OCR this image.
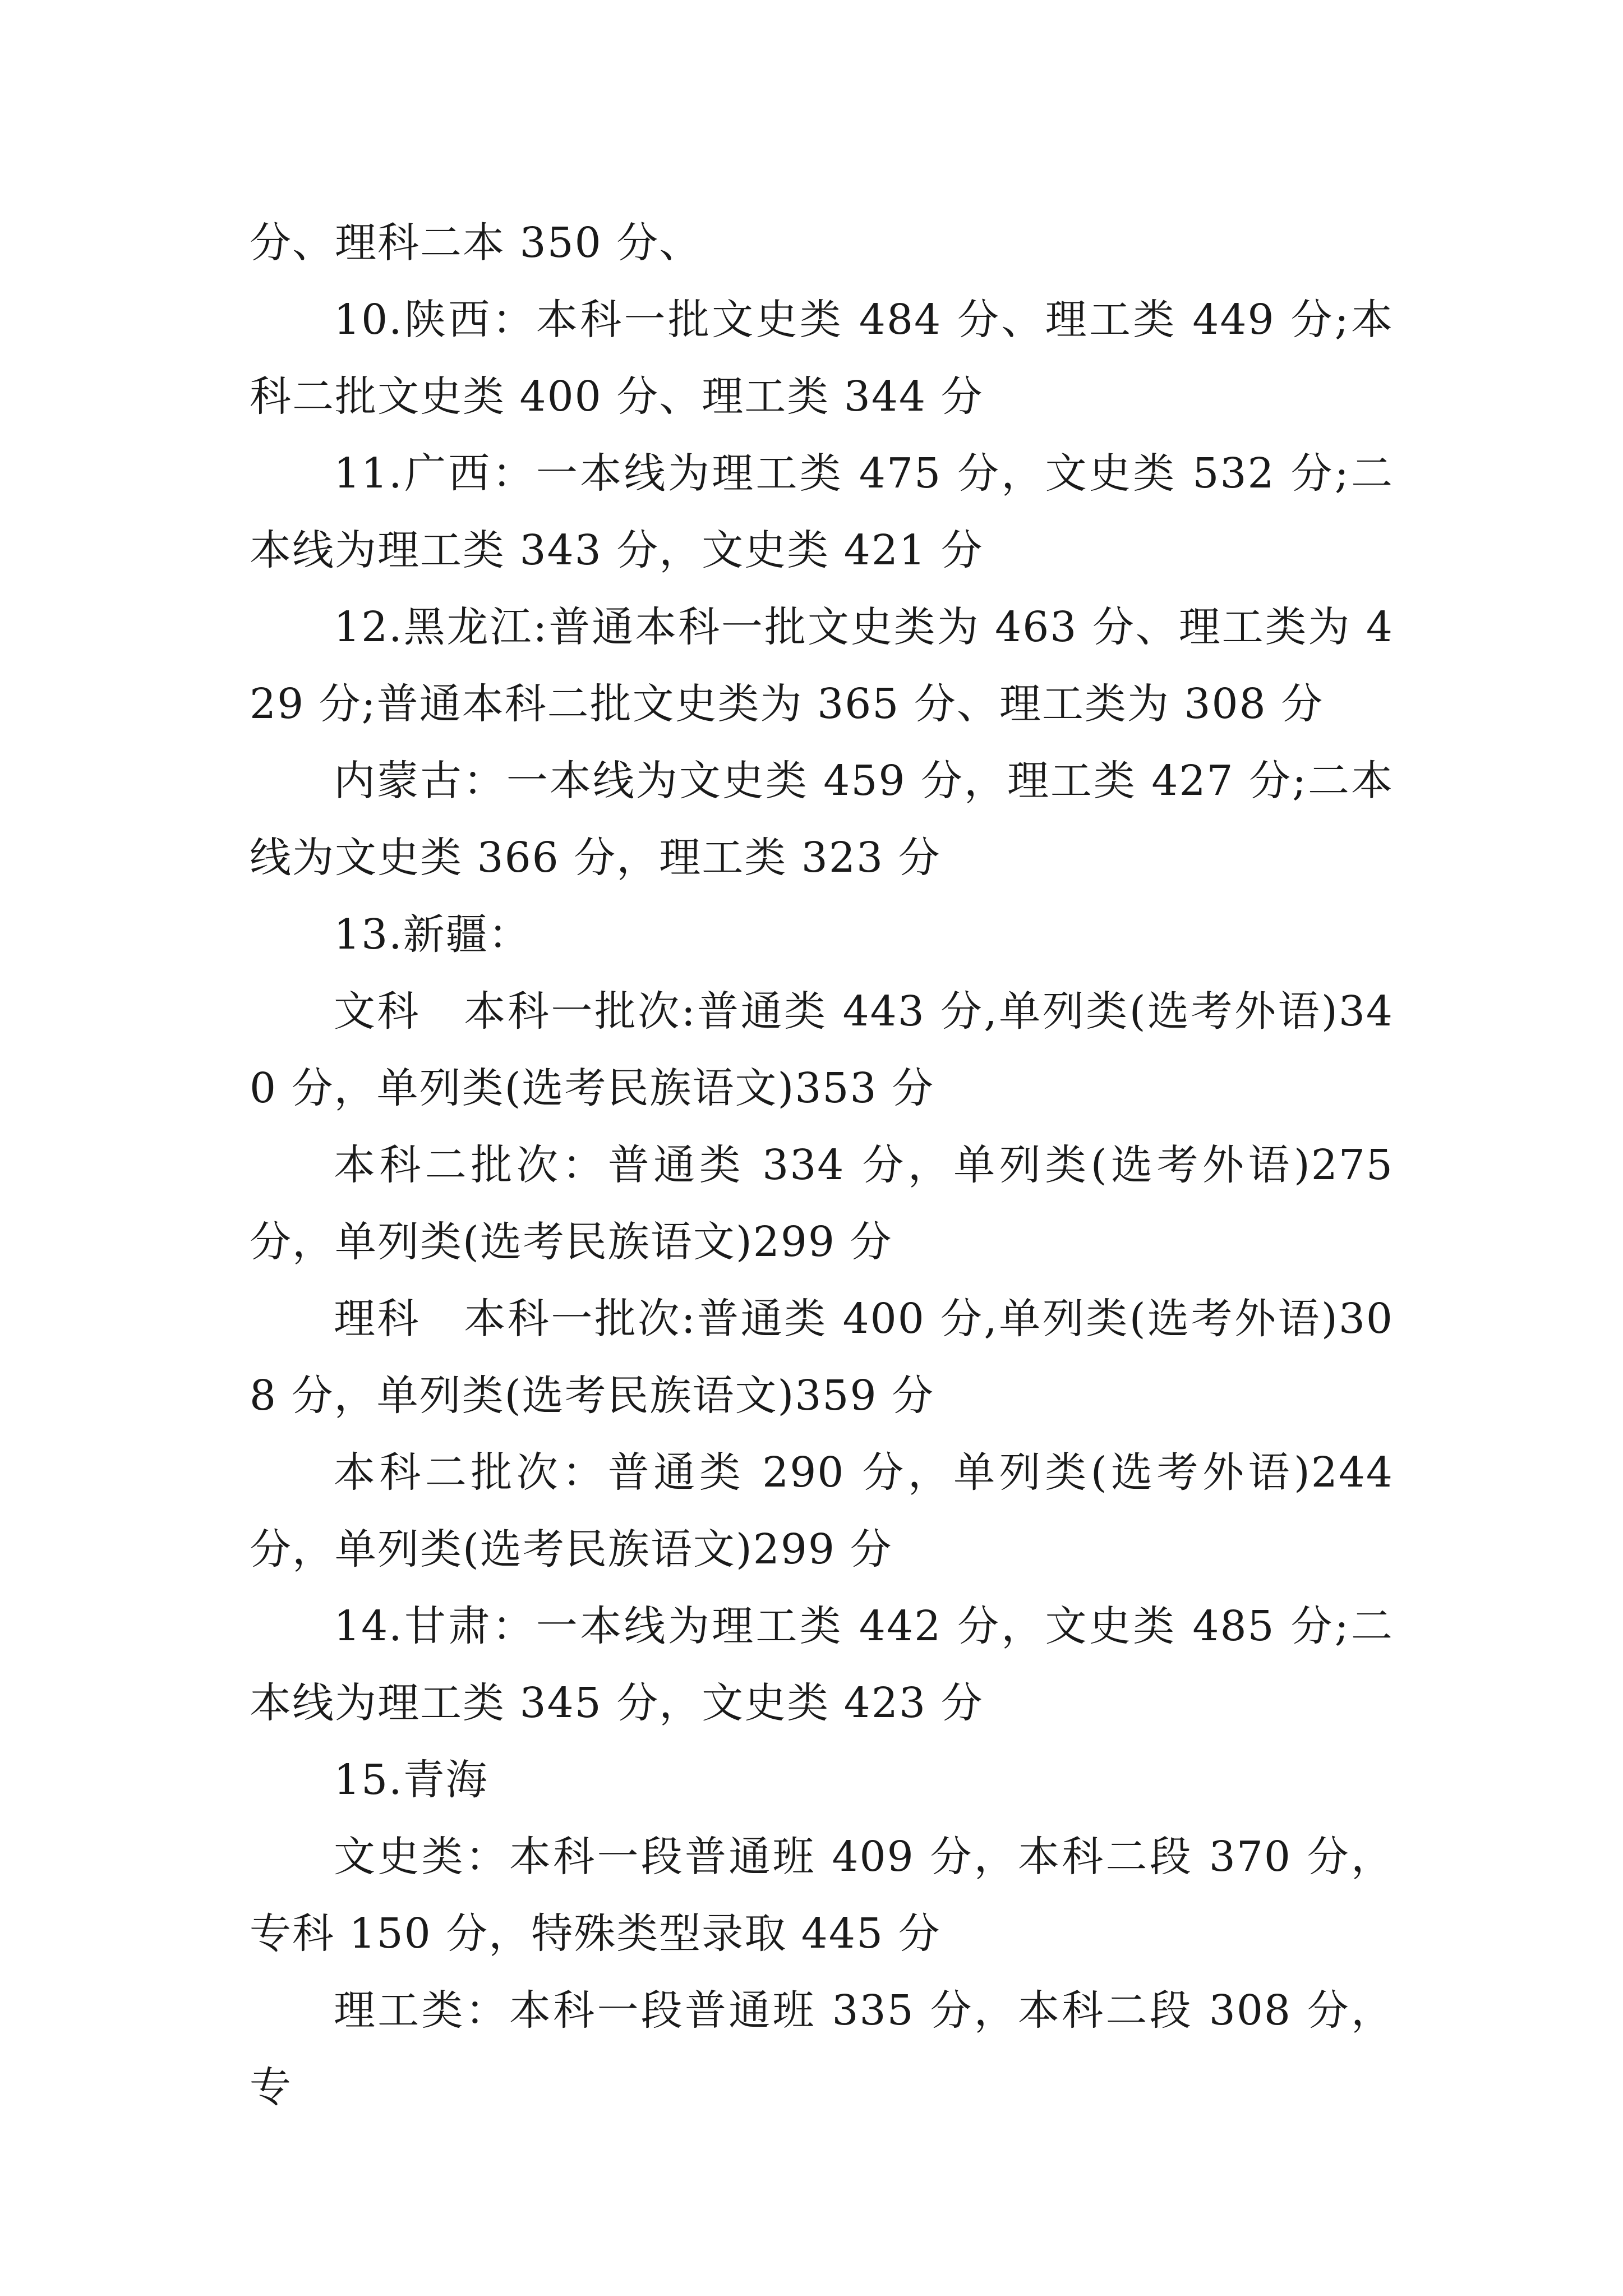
分、理科二本 350 分、

10.陕西：本科一批文史类 484 分、理工类 449 分;本科二批文史类 400 分、理工类 344 分

11.广西：一本线为理工类 475 分，文史类 532 分;二本线为理工类 343 分，文史类 421 分

12.黑龙江:普通本科一批文史类为 463 分、理工类为 429 分;普通本科二批文史类为 365 分、理工类为 308 分

内蒙古：一本线为文史类 459 分，理工类 427 分;二本线为文史类 366 分，理工类 323 分

13.新疆：

文科　本科一批次:普通类 443 分,单列类(选考外语)340 分，单列类(选考民族语文)353 分

本科二批次：普通类 334 分，单列类(选考外语)275 分，单列类(选考民族语文)299 分

理科　本科一批次:普通类 400 分,单列类(选考外语)308 分，单列类(选考民族语文)359 分

本科二批次：普通类 290 分，单列类(选考外语)244 分，单列类(选考民族语文)299 分

14.甘肃：一本线为理工类 442 分，文史类 485 分;二本线为理工类 345 分，文史类 423 分

15.青海

文史类：本科一段普通班 409 分，本科二段 370 分，专科 150 分，特殊类型录取 445 分

理工类：本科一段普通班 335 分，本科二段 308 分，专
